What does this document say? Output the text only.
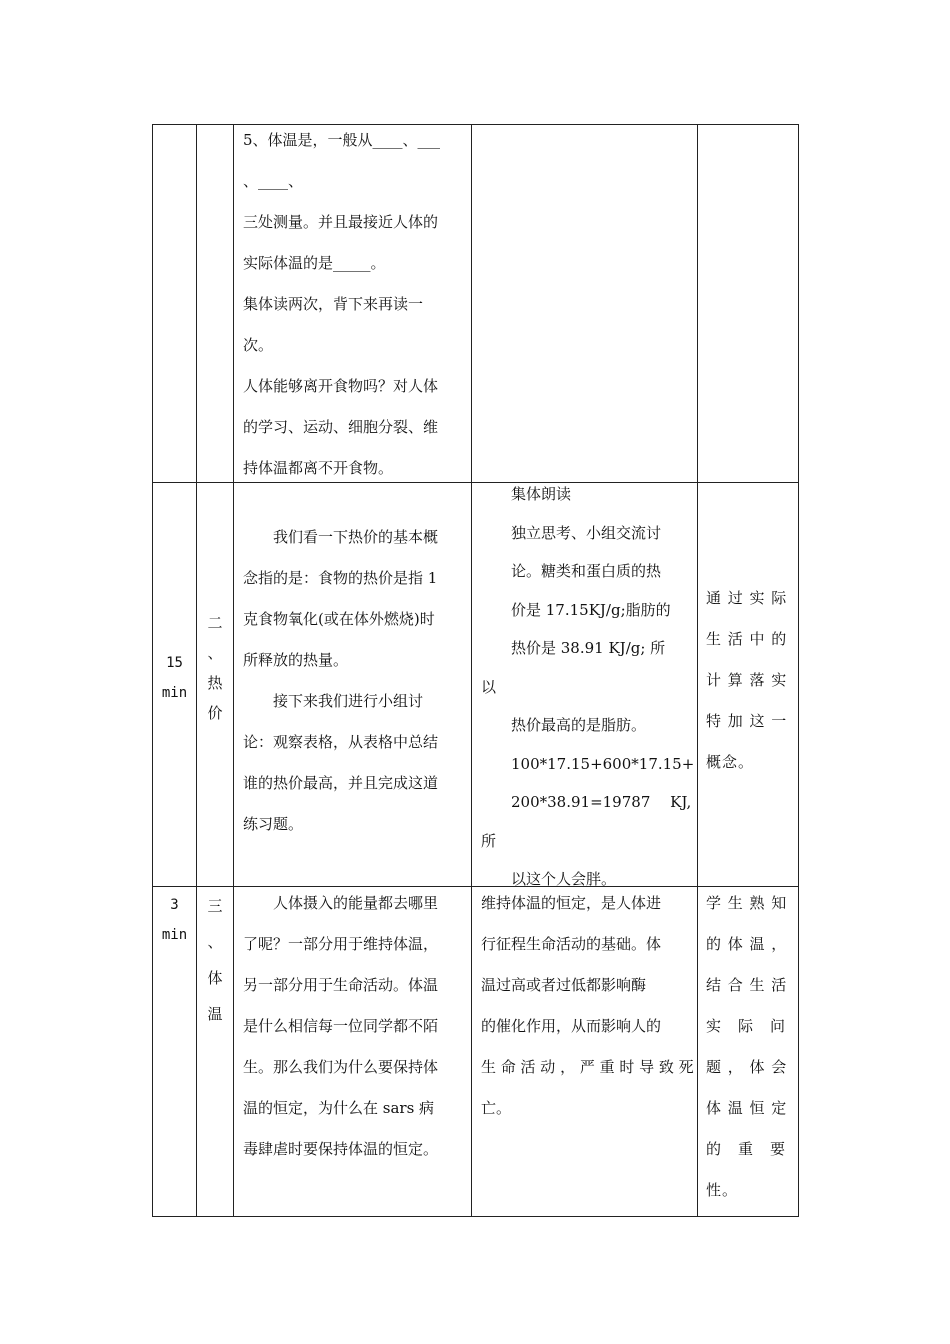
5、体温是，一般从____、___

、____、

三处测量。并且最接近人体的

实际体温的是_____。

集体读两次，背下来再读一

次。

人体能够离开食物吗？对人体

的学习、运动、细胞分裂、维

持体温都离不开食物。

15

min

二

、

热

价

　　我们看一下热价的基本概

念指的是：食物的热价是指 1

克食物氧化(或在体外燃烧)时

所释放的热量。

　　接下来我们进行小组讨

论：观察表格，从表格中总结

谁的热价最高，并且完成这道

练习题。

　　集体朗读

　　独立思考、小组交流讨

　　论。糖类和蛋白质的热

　　价是 17.15KJ/g;脂肪的

　　热价是 38.91 KJ/g; 所

以

　　热价最高的是脂肪。

　　100*17.15+600*17.15+

　　200*38.91=19787　 KJ,

所

　　以这个人会胖。

通 过 实 际

生 活 中 的

计 算 落 实

特 加 这 一

概念。

3

min

三

、

体

温

　　人体摄入的能量都去哪里

了呢？一部分用于维持体温，

另一部分用于生命活动。体温

是什么相信每一位同学都不陌

生。那么我们为什么要保持体

温的恒定，为什么在 sars 病

毒肆虐时要保持体温的恒定。

维持体温的恒定，是人体进

行征程生命活动的基础。体

温过高或者过低都影响酶

的催化作用，从而影响人的

生 命 活 动 ， 严 重 时 导 致 死

亡。

学 生 熟 知

的 体 温 ，

结 合 生 活

实　际　问

题 ， 体 会

体 温 恒 定

的　重　要

性。
